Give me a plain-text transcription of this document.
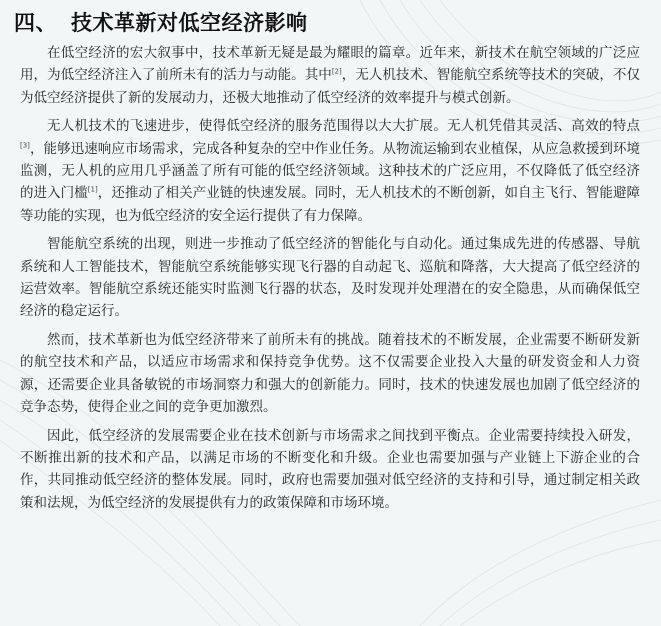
四、 技术革新对低空经济影响

在低空经济的宏大叙事中，技术革新无疑是最为耀眼的篇章。近年来，新技术在航空领域的广泛应用，为低空经济注入了前所未有的活力与动能。其中[2]，无人机技术、智能航空系统等技术的突破，不仅为低空经济提供了新的发展动力，还极大地推动了低空经济的效率提升与模式创新。

无人机技术的飞速进步，使得低空经济的服务范围得以大大扩展。无人机凭借其灵活、高效的特点[3]，能够迅速响应市场需求，完成各种复杂的空中作业任务。从物流运输到农业植保，从应急救援到环境监测，无人机的应用几乎涵盖了所有可能的低空经济领域。这种技术的广泛应用，不仅降低了低空经济的进入门槛[1]，还推动了相关产业链的快速发展。同时，无人机技术的不断创新，如自主飞行、智能避障等功能的实现，也为低空经济的安全运行提供了有力保障。

智能航空系统的出现，则进一步推动了低空经济的智能化与自动化。通过集成先进的传感器、导航系统和人工智能技术，智能航空系统能够实现飞行器的自动起飞、巡航和降落，大大提高了低空经济的运营效率。智能航空系统还能实时监测飞行器的状态，及时发现并处理潜在的安全隐患，从而确保低空经济的稳定运行。

然而，技术革新也为低空经济带来了前所未有的挑战。随着技术的不断发展，企业需要不断研发新的航空技术和产品，以适应市场需求和保持竞争优势。这不仅需要企业投入大量的研发资金和人力资源，还需要企业具备敏锐的市场洞察力和强大的创新能力。同时，技术的快速发展也加剧了低空经济的竞争态势，使得企业之间的竞争更加激烈。

因此，低空经济的发展需要企业在技术创新与市场需求之间找到平衡点。企业需要持续投入研发，不断推出新的技术和产品，以满足市场的不断变化和升级。企业也需要加强与产业链上下游企业的合作，共同推动低空经济的整体发展。同时，政府也需要加强对低空经济的支持和引导，通过制定相关政策和法规，为低空经济的发展提供有力的政策保障和市场环境。
